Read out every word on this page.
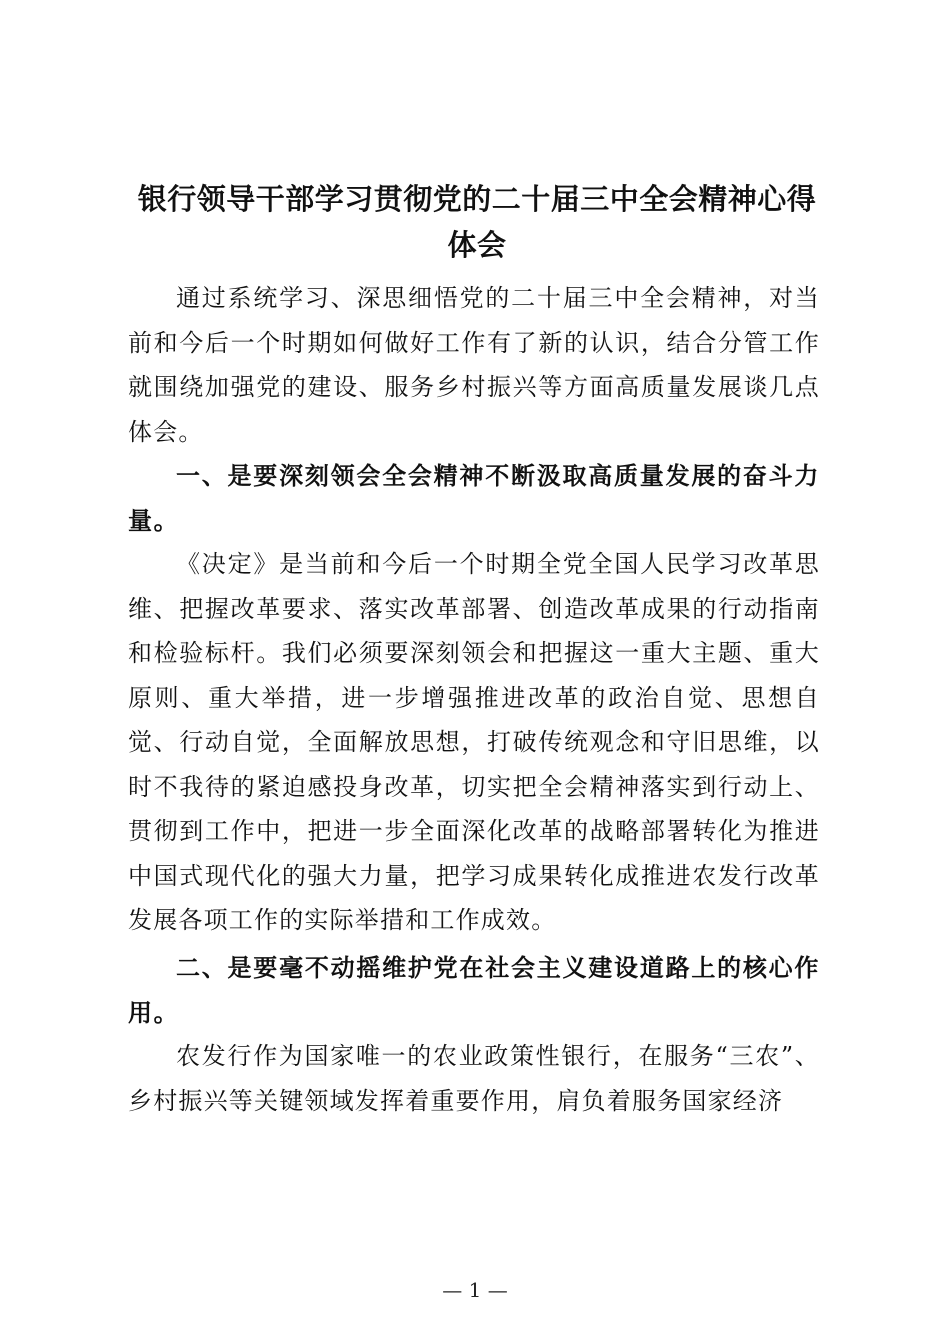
银行领导干部学习贯彻党的二十届三中全会精神心得体会

通过系统学习、深思细悟党的二十届三中全会精神，对当前和今后一个时期如何做好工作有了新的认识，结合分管工作就围绕加强党的建设、服务乡村振兴等方面高质量发展谈几点体会。

一、是要深刻领会全会精神不断汲取高质量发展的奋斗力量。

《决定》是当前和今后一个时期全党全国人民学习改革思维、把握改革要求、落实改革部署、创造改革成果的行动指南和检验标杆。我们必须要深刻领会和把握这一重大主题、重大原则、重大举措，进一步增强推进改革的政治自觉、思想自觉、行动自觉，全面解放思想，打破传统观念和守旧思维，以时不我待的紧迫感投身改革，切实把全会精神落实到行动上、贯彻到工作中，把进一步全面深化改革的战略部署转化为推进中国式现代化的强大力量，把学习成果转化成推进农发行改革发展各项工作的实际举措和工作成效。

二、是要毫不动摇维护党在社会主义建设道路上的核心作用。

农发行作为国家唯一的农业政策性银行，在服务“三农”、乡村振兴等关键领域发挥着重要作用，肩负着服务国家经济

— 1 —
